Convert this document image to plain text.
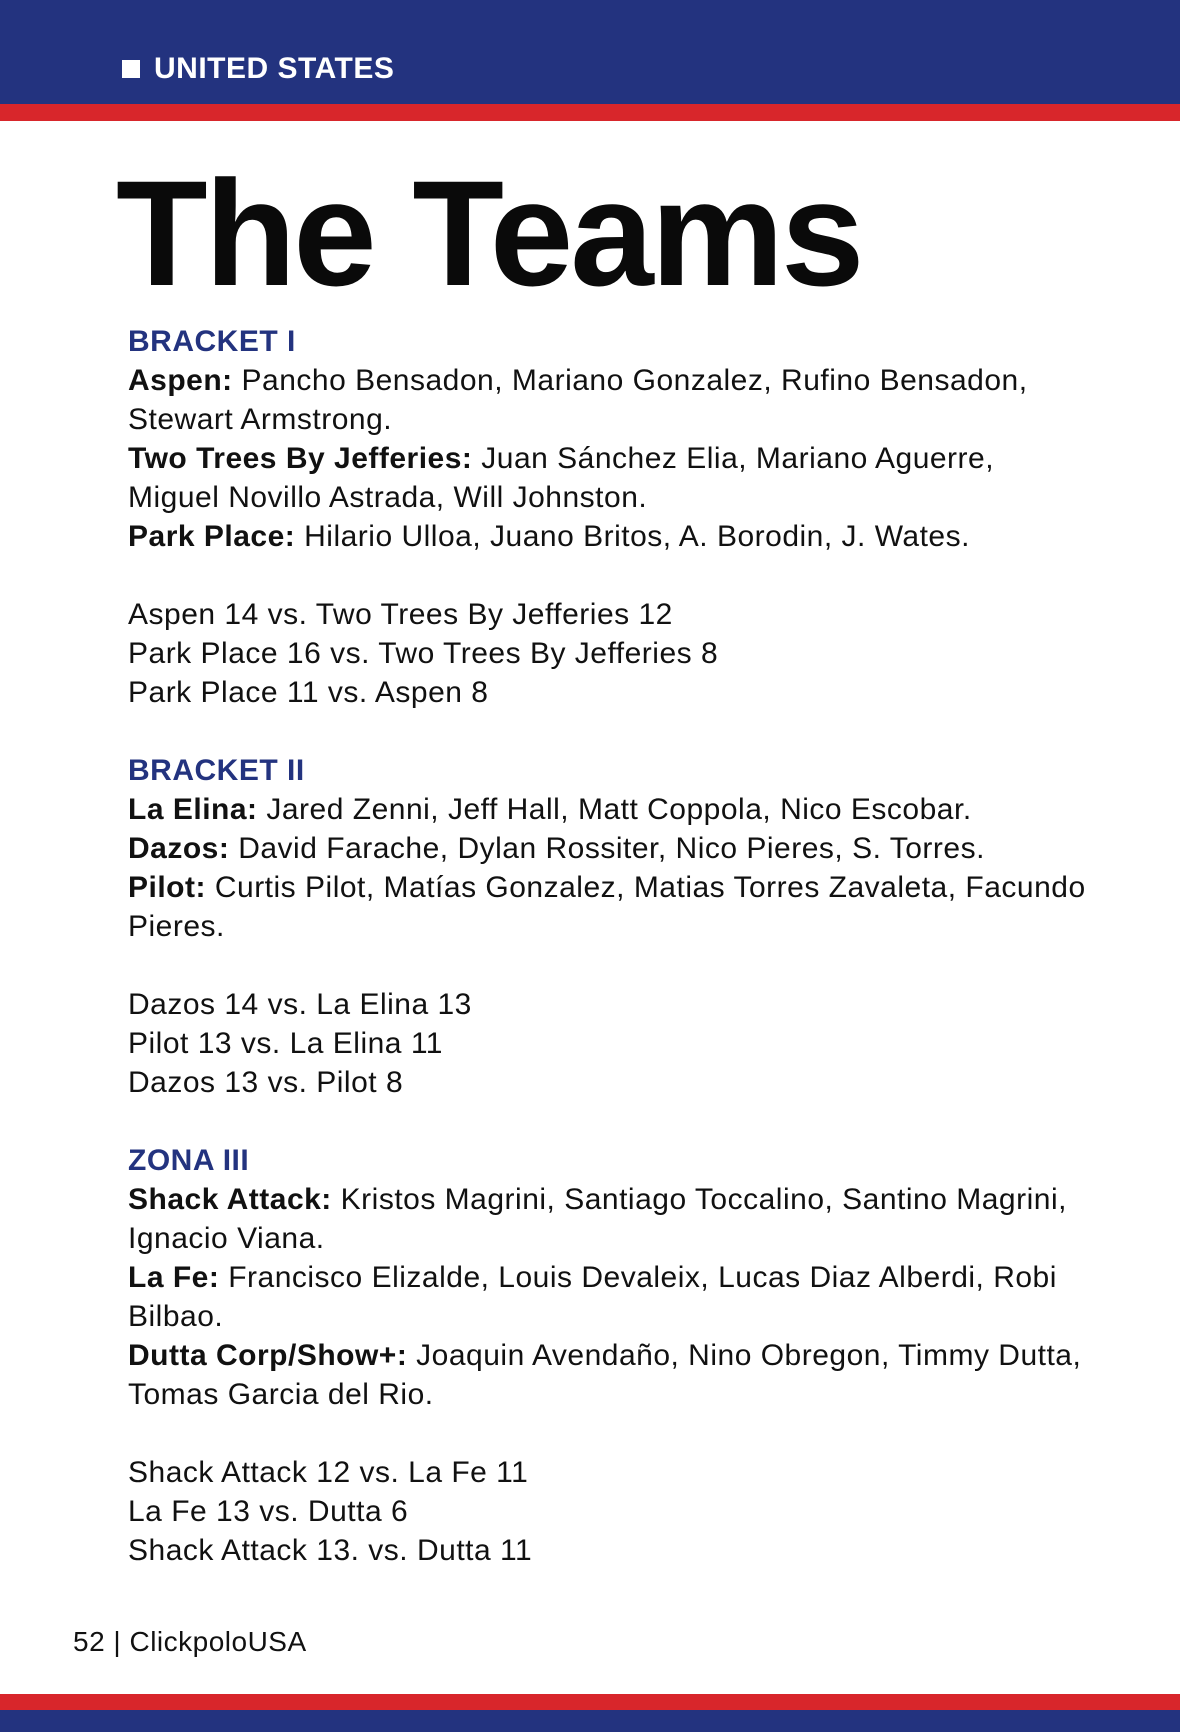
UNITED STATES
The Teams
BRACKET I

Aspen: Pancho Bensadon, Mariano Gonzalez, Rufino Bensadon, Stewart Armstrong.

Two Trees By Jefferies: Juan Sánchez Elia, Mariano Aguerre, Miguel Novillo Astrada, Will Johnston.

Park Place: Hilario Ulloa, Juano Britos, A. Borodin, J. Wates.

Aspen 14 vs. Two Trees By Jefferies 12
Park Place 16 vs. Two Trees By Jefferies 8
Park Place 11 vs. Aspen 8
BRACKET II

La Elina: Jared Zenni, Jeff Hall, Matt Coppola, Nico Escobar.

Dazos: David Farache, Dylan Rossiter, Nico Pieres, S. Torres.

Pilot: Curtis Pilot, Matías Gonzalez, Matias Torres Zavaleta, Facundo Pieres.

Dazos 14 vs. La Elina 13
Pilot 13 vs. La Elina 11
Dazos 13 vs. Pilot 8
ZONA III

Shack Attack: Kristos Magrini, Santiago Toccalino, Santino Magrini, Ignacio Viana.

La Fe: Francisco Elizalde, Louis Devaleix, Lucas Diaz Alberdi, Robi Bilbao.

Dutta Corp/Show+: Joaquin Avendaño, Nino Obregon, Timmy Dutta, Tomas Garcia del Rio.

Shack Attack 12 vs. La Fe 11
La Fe 13 vs. Dutta 6
Shack Attack 13. vs. Dutta 11
52 | ClickpoloUSA
